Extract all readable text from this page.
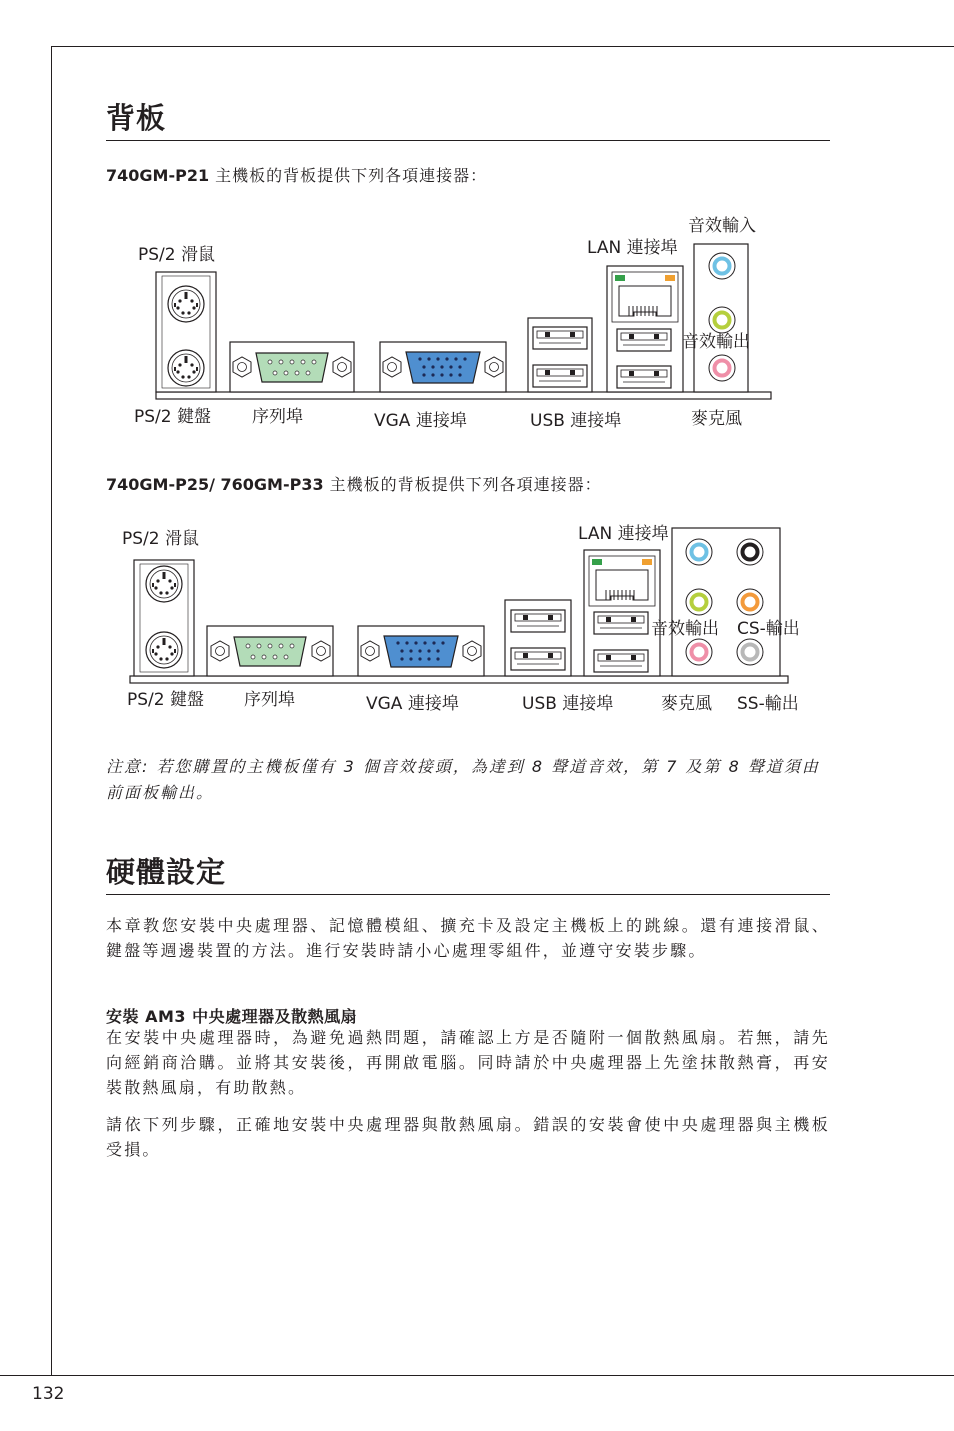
背板
740GM-P21 主機板的背板提供下列各項連接器：
PS/2 滑鼠
PS/2 鍵盤 序列埠	VGA 連接埠	USB 連接埠
LAN 連接埠
音效輸入
音效輸出
麥克風
740GM-P25/ 760GM-P33 主機板的背板提供下列各項連接器：
PS/2 滑鼠
PS/2 鍵盤 序列埠	VGA 連接埠	USB 連接埠
LAN 連接埠
音效輸出 CS-輸出
麥克風 SS-輸出
注意: 若您購置的主機板僅有 3 個音效接頭，為達到 8 聲道音效，第 7 及第 8 聲道須由前面板輸出。
硬體設定
本章教您安裝中央處理器、記憶體模組、擴充卡及設定主機板上的跳線。還有連接滑鼠、鍵盤等週邊裝置的方法。進行安裝時請小心處理零組件，並遵守安裝步驟。
安裝 AM3 中央處理器及散熱風扇
在安裝中央處理器時，為避免過熱問題，請確認上方是否隨附一個散熱風扇。若無，請先向經銷商洽購。並將其安裝後，再開啟電腦。同時請於中央處理器上先塗抹散熱膏，再安裝散熱風扇，有助散熱。
請依下列步驟，正確地安裝中央處理器與散熱風扇。錯誤的安裝會使中央處理器與主機板受損。
132
